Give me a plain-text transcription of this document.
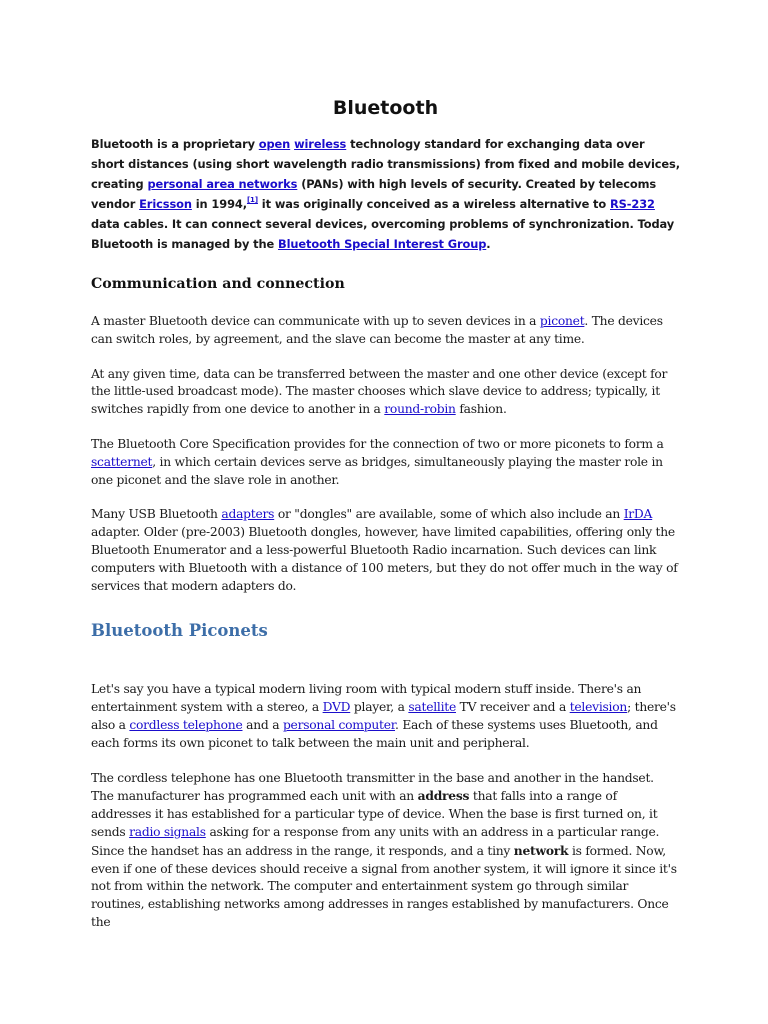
Bluetooth

Bluetooth is a proprietary open wireless technology standard for exchanging data over short distances (using short wavelength radio transmissions) from fixed and mobile devices, creating personal area networks (PANs) with high levels of security. Created by telecoms vendor Ericsson in 1994,[1] it was originally conceived as a wireless alternative to RS-232 data cables. It can connect several devices, overcoming problems of synchronization. Today Bluetooth is managed by the Bluetooth Special Interest Group.

Communication and connection

A master Bluetooth device can communicate with up to seven devices in a piconet. The devices can switch roles, by agreement, and the slave can become the master at any time.

At any given time, data can be transferred between the master and one other device (except for the little-used broadcast mode). The master chooses which slave device to address; typically, it switches rapidly from one device to another in a round-robin fashion.

The Bluetooth Core Specification provides for the connection of two or more piconets to form a scatternet, in which certain devices serve as bridges, simultaneously playing the master role in one piconet and the slave role in another.

Many USB Bluetooth adapters or "dongles" are available, some of which also include an IrDA adapter. Older (pre-2003) Bluetooth dongles, however, have limited capabilities, offering only the Bluetooth Enumerator and a less-powerful Bluetooth Radio incarnation. Such devices can link computers with Bluetooth with a distance of 100 meters, but they do not offer much in the way of services that modern adapters do.

Bluetooth Piconets

Let's say you have a typical modern living room with typical modern stuff inside. There's an entertainment system with a stereo, a DVD player, a satellite TV receiver and a television; there's also a cordless telephone and a personal computer. Each of these systems uses Bluetooth, and each forms its own piconet to talk between the main unit and peripheral.

The cordless telephone has one Bluetooth transmitter in the base and another in the handset. The manufacturer has programmed each unit with an address that falls into a range of addresses it has established for a particular type of device. When the base is first turned on, it sends radio signals asking for a response from any units with an address in a particular range. Since the handset has an address in the range, it responds, and a tiny network is formed. Now, even if one of these devices should receive a signal from another system, it will ignore it since it's not from within the network. The computer and entertainment system go through similar routines, establishing networks among addresses in ranges established by manufacturers. Once the
